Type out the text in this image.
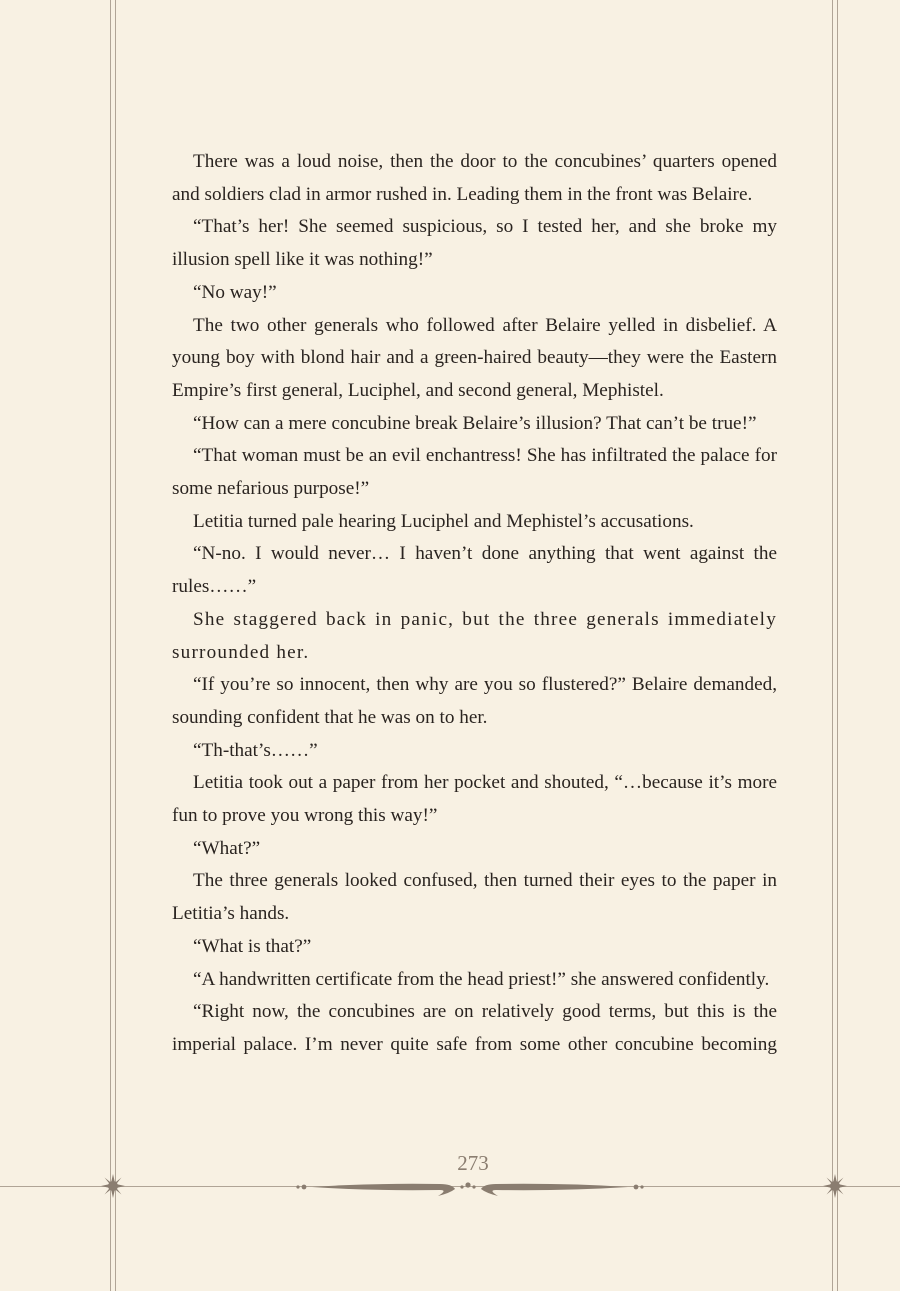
There was a loud noise, then the door to the concubines’ quarters opened and soldiers clad in armor rushed in. Leading them in the front was Belaire.

“That’s her! She seemed suspicious, so I tested her, and she broke my illusion spell like it was nothing!”

“No way!”

The two other generals who followed after Belaire yelled in disbelief. A young boy with blond hair and a green-haired beauty—they were the Eastern Empire’s first general, Luciphel, and second general, Mephistel.

“How can a mere concubine break Belaire’s illusion? That can’t be true!”

“That woman must be an evil enchantress! She has infiltrated the palace for some nefarious purpose!”

Letitia turned pale hearing Luciphel and Mephistel’s accusations.

“N-no. I would never… I haven’t done anything that went against the rules……”

She staggered back in panic, but the three generals immediately surrounded her.

“If you’re so innocent, then why are you so flustered?” Belaire demanded, sounding confident that he was on to her.

“Th-that’s……”

Letitia took out a paper from her pocket and shouted, “…because it’s more fun to prove you wrong this way!”

“What?”

The three generals looked confused, then turned their eyes to the paper in Letitia’s hands.

“What is that?”

“A handwritten certificate from the head priest!” she answered confidently.

“Right now, the concubines are on relatively good terms, but this is the imperial palace. I’m never quite safe from some other concubine becoming

273
